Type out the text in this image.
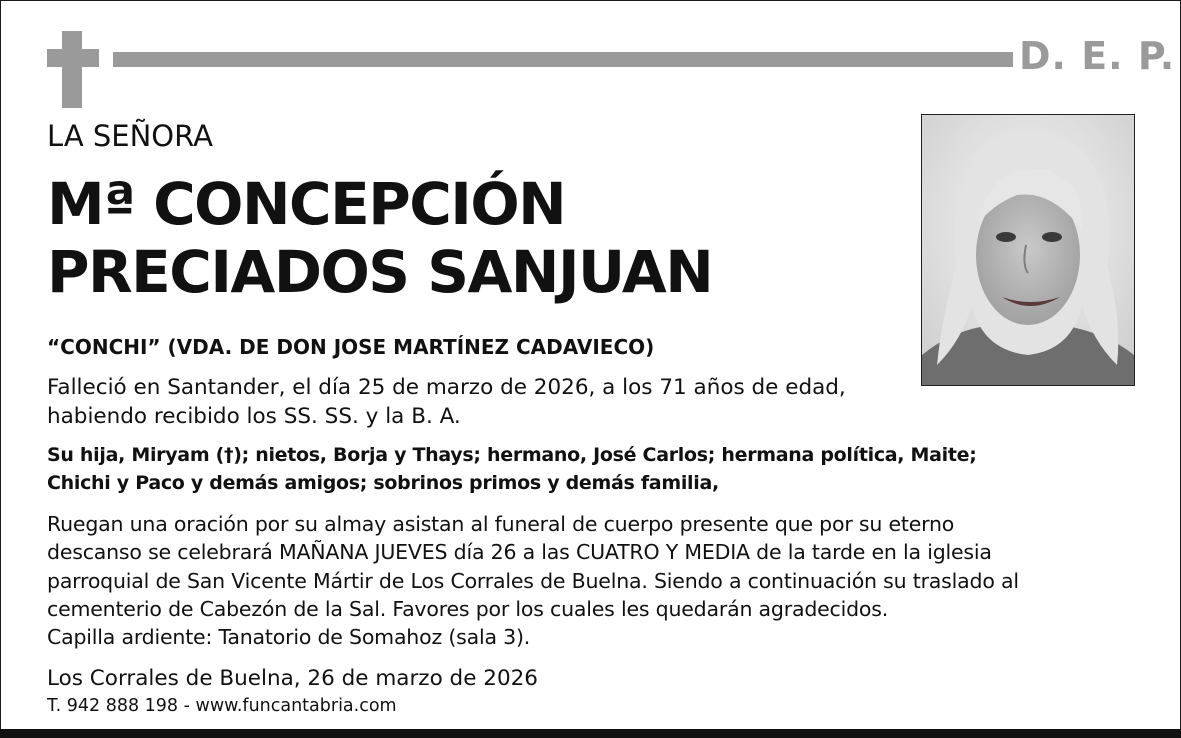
D. E. P.
LA SEÑORA
Mª CONCEPCIÓN
PRECIADOS SANJUAN
“CONCHI” (VDA. DE DON JOSE MARTÍNEZ CADAVIECO)
Falleció en Santander, el día 25 de marzo de 2026, a los 71 años de edad,
habiendo recibido los SS. SS. y la B. A.
Su hija, Miryam (†); nietos, Borja y Thays; hermano, José Carlos; hermana política, Maite;
Chichi y Paco y demás amigos; sobrinos primos y demás familia,
Ruegan una oración por su almay asistan al funeral de cuerpo presente que por su eterno
descanso se celebrará MAÑANA JUEVES día 26 a las CUATRO Y MEDIA de la tarde en la iglesia
parroquial de San Vicente Mártir de Los Corrales de Buelna. Siendo a continuación su traslado al
cementerio de Cabezón de la Sal. Favores por los cuales les quedarán agradecidos.
Capilla ardiente: Tanatorio de Somahoz (sala 3).
Los Corrales de Buelna, 26 de marzo de 2026
T. 942 888 198 - www.funcantabria.com
